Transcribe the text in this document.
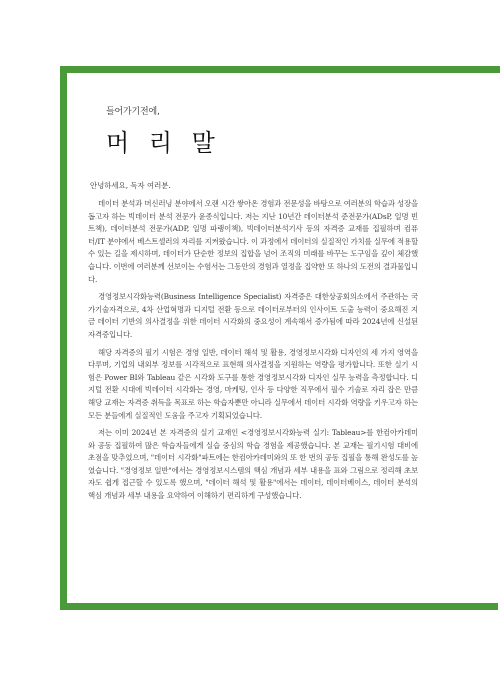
들어가기전에,
머 리 말

안녕하세요, 독자 여러분.

데이터 분석과 머신러닝 분야에서 오랜 시간 쌓아온 경험과 전문성을 바탕으로 여러분의 학습과 성장을 돕고자 하는 빅데이터 분석 전문가 윤종식입니다. 저는 지난 10년간 데이터분석 준전문가(ADsP, 일명 빈트책), 데이터분석 전문가(ADP, 일명 파랭이책), 빅데이터분석기사 등의 자격증 교재를 집필하며 컴퓨터/IT 분야에서 베스트셀러의 자리를 지켜왔습니다. 이 과정에서 데이터의 실질적인 가치를 실무에 적용할 수 있는 길을 제시하며, 데이터가 단순한 정보의 집합을 넘어 조직의 미래를 바꾸는 도구임을 깊이 체감했습니다. 이번에 여러분께 선보이는 수험서는 그동안의 경험과 열정을 집약한 또 하나의 도전의 결과물입니다.

경영정보시각화능력(Business Intelligence Specialist) 자격증은 대한상공회의소에서 주관하는 국가기술자격으로, 4차 산업혁명과 디지털 전환 등으로 데이터로부터의 인사이트 도출 능력이 중요해진 지금 데이터 기반의 의사결정을 위한 데이터 시각화의 중요성이 계속해서 증가됨에 따라 2024년에 신설된 자격증입니다.

해당 자격증의 필기 시험은 경영 일반, 데이터 해석 및 활용, 경영정보시각화 디자인의 세 가지 영역을 다루며, 기업의 내외부 정보를 시각적으로 표현해 의사결정을 지원하는 역량을 평가합니다. 또한 실기 시험은 Power BI와 Tableau 같은 시각화 도구를 통한 경영정보시각화 디자인 실무 능력을 측정합니다. 디지털 전환 시대에 빅데이터 시각화는 경영, 마케팅, 인사 등 다양한 직무에서 필수 기술로 자리 잡은 만큼 해당 교재는 자격증 취득을 목표로 하는 학습자뿐만 아니라 실무에서 데이터 시각화 역량을 키우고자 하는 모든 분들에게 실질적인 도움을 주고자 기획되었습니다.

저는 이미 2024년 본 자격증의 실기 교재인 <경영정보시각화능력 실기: Tableau>를 한컴아카데미와 공동 집필하여 많은 학습자들에게 실습 중심의 학습 경험을 제공했습니다. 본 교재는 필기시험 대비에 초점을 맞추었으며, "데이터 시각화"파트에는 한컴아카데미와의 또 한 번의 공동 집필을 통해 완성도를 높였습니다. "경영정보 일반"에서는 경영정보시스템의 핵심 개념과 세부 내용을 표와 그림으로 정리해 초보자도 쉽게 접근할 수 있도록 했으며, "데이터 해석 및 활용"에서는 데이터, 데이터베이스, 데이터 분석의 핵심 개념과 세부 내용을 요약하여 이해하기 편리하게 구성했습니다.
